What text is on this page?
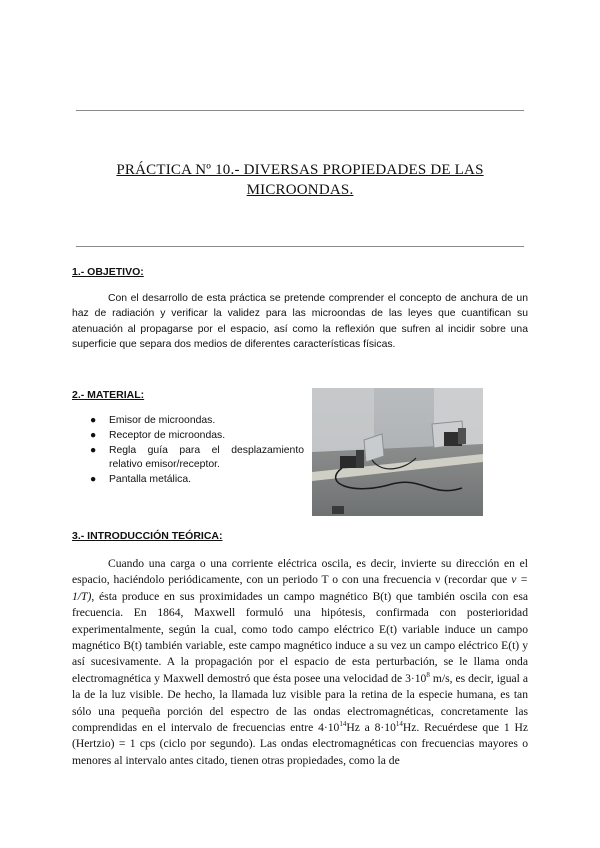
PRÁCTICA Nº 10.- DIVERSAS PROPIEDADES DE LAS
MICROONDAS.
1.- OBJETIVO:

Con el desarrollo de esta práctica se pretende comprender el concepto de anchura de un haz de radiación y verificar la validez para las microondas de las leyes que cuantifican su atenuación al propagarse por el espacio, así como la reflexión que sufren al incidir sobre una superficie que separa dos medios de diferentes características físicas.

2.- MATERIAL:
● Emisor de microondas.
● Receptor de microondas.
● Regla guía para el desplazamiento relativo emisor/receptor.
● Pantalla metálica.
3.- INTRODUCCIÓN TEÓRICA:

Cuando una carga o una corriente eléctrica oscila, es decir, invierte su dirección en el espacio, haciéndolo periódicamente, con un periodo T o con una frecuencia ν (recordar que ν = 1/T), ésta produce en sus proximidades un campo magnético B(t) que también oscila con esa frecuencia. En 1864, Maxwell formuló una hipótesis, confirmada con posterioridad experimentalmente, según la cual, como todo campo eléctrico E(t) variable induce un campo magnético B(t) también variable, este campo magnético induce a su vez un campo eléctrico E(t) y así sucesivamente. A la propagación por el espacio de esta perturbación, se le llama onda electromagnética y Maxwell demostró que ésta posee una velocidad de $3\cdot 10^8$ m/s, es decir, igual a la de la luz visible. De hecho, la llamada luz visible para la retina de la especie humana, es tan sólo una pequeña porción del espectro de las ondas electromagnéticas, concretamente las comprendidas en el intervalo de frecuencias entre $4\cdot 10^{14}Hz$ a $8\cdot 10^{14}Hz$. Recuérdese que 1 Hz (Hertzio) = 1 cps (ciclo por segundo). Las ondas electromagnéticas con frecuencias mayores o menores al intervalo antes citado, tienen otras propiedades, como la de
